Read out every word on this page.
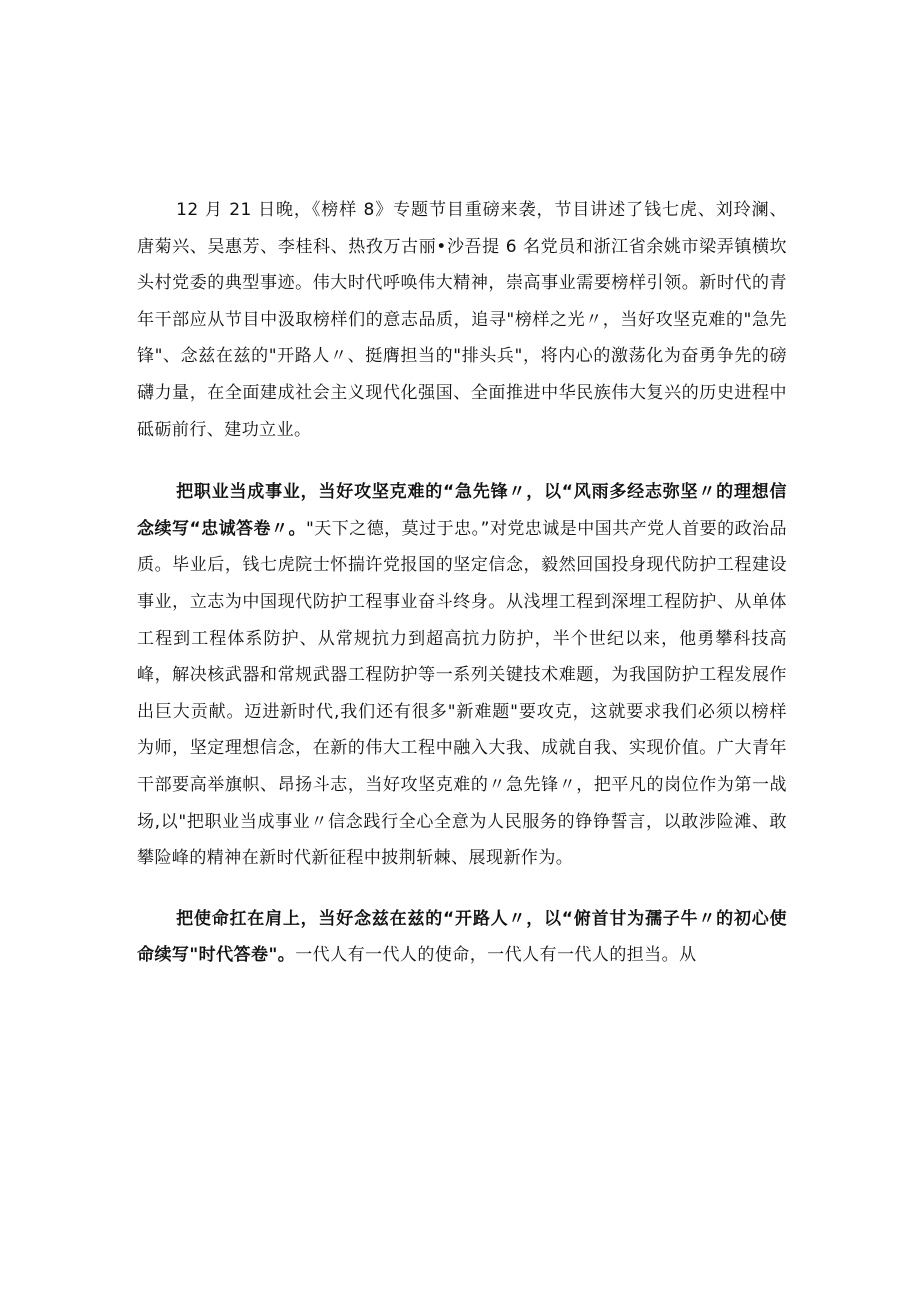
12 月 21 日晚，《榜样 8》专题节目重磅来袭，节目讲述了钱七虎、刘玲澜、唐菊兴、吴惠芳、李桂科、热孜万古丽•沙吾提 6 名党员和浙江省余姚市梁弄镇横坎头村党委的典型事迹。伟大时代呼唤伟大精神，崇高事业需要榜样引领。新时代的青年干部应从节目中汲取榜样们的意志品质，追寻"榜样之光〃，当好攻坚克难的"急先锋"、念兹在兹的"开路人〃、挺膺担当的"排头兵"，将内心的激荡化为奋勇争先的磅礴力量，在全面建成社会主义现代化强国、全面推进中华民族伟大复兴的历史进程中砥砺前行、建功立业。

把职业当成事业，当好攻坚克难的“急先锋〃，以“风雨多经志弥坚〃的理想信念续写“忠诚答卷〃。"天下之德，莫过于忠。”对党忠诚是中国共产党人首要的政治品质。毕业后，钱七虎院士怀揣许党报国的坚定信念，毅然回国投身现代防护工程建设事业，立志为中国现代防护工程事业奋斗终身。从浅埋工程到深埋工程防护、从单体工程到工程体系防护、从常规抗力到超高抗力防护，半个世纪以来，他勇攀科技高峰，解决核武器和常规武器工程防护等一系列关键技术难题，为我国防护工程发展作出巨大贡献。迈进新时代,我们还有很多"新难题"要攻克，这就要求我们必须以榜样为师，坚定理想信念，在新的伟大工程中融入大我、成就自我、实现价值。广大青年干部要高举旗帜、昂扬斗志，当好攻坚克难的〃急先锋〃，把平凡的岗位作为第一战场,以"把职业当成事业〃信念践行全心全意为人民服务的铮铮誓言，以敢涉险滩、敢攀险峰的精神在新时代新征程中披荆斩棘、展现新作为。

把使命扛在肩上，当好念兹在兹的“开路人〃，以“俯首甘为孺子牛〃的初心使命续写"时代答卷"。一代人有一代人的使命，一代人有一代人的担当。从
